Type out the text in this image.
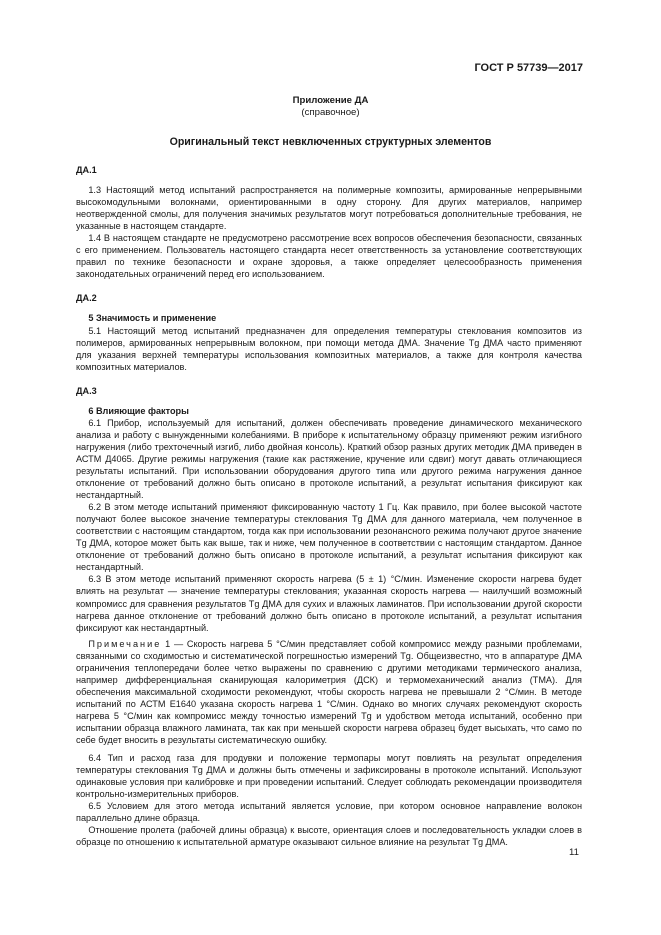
ГОСТ Р 57739—2017
Приложение ДА
(справочное)
Оригинальный текст невключенных структурных элементов

ДА.1

1.3 Настоящий метод испытаний распространяется на полимерные композиты, армированные непрерывными высокомодульными волокнами, ориентированными в одну сторону. Для других материалов, например неотвержденной смолы, для получения значимых результатов могут потребоваться дополнительные требования, не указанные в настоящем стандарте.

1.4 В настоящем стандарте не предусмотрено рассмотрение всех вопросов обеспечения безопасности, связанных с его применением. Пользователь настоящего стандарта несет ответственность за установление соответствующих правил по технике безопасности и охране здоровья, а также определяет целесообразность применения законодательных ограничений перед его использованием.

ДА.2

5 Значимость и применение

5.1 Настоящий метод испытаний предназначен для определения температуры стеклования композитов из полимеров, армированных непрерывным волокном, при помощи метода ДМА. Значение Tg ДМА часто применяют для указания верхней температуры использования композитных материалов, а также для контроля качества композитных материалов.

ДА.3

6 Влияющие факторы

6.1 Прибор, используемый для испытаний, должен обеспечивать проведение динамического механического анализа и работу с вынужденными колебаниями. В приборе к испытательному образцу применяют режим изгибного нагружения (либо трехточечный изгиб, либо двойная консоль). Краткий обзор разных других методик ДМА приведен в АСТМ Д4065. Другие режимы нагружения (такие как растяжение, кручение или сдвиг) могут давать отличающиеся результаты испытаний. При использовании оборудования другого типа или другого режима нагружения данное отклонение от требований должно быть описано в протоколе испытаний, а результат испытания фиксируют как нестандартный.

6.2 В этом методе испытаний применяют фиксированную частоту 1 Гц. Как правило, при более высокой частоте получают более высокое значение температуры стеклования Tg ДМА для данного материала, чем полученное в соответствии с настоящим стандартом, тогда как при использовании резонансного режима получают другое значение Tg ДМА, которое может быть как выше, так и ниже, чем полученное в соответствии с настоящим стандартом. Данное отклонение от требований должно быть описано в протоколе испытаний, а результат испытания фиксируют как нестандартный.

6.3 В этом методе испытаний применяют скорость нагрева (5 ± 1) °С/мин. Изменение скорости нагрева будет влиять на результат — значение температуры стеклования; указанная скорость нагрева — наилучший возможный компромисс для сравнения результатов Tg ДМА для сухих и влажных ламинатов. При использовании другой скорости нагрева данное отклонение от требований должно быть описано в протоколе испытаний, а результат испытания фиксируют как нестандартный.

Примечание 1 — Скорость нагрева 5 °С/мин представляет собой компромисс между разными проблемами, связанными со сходимостью и систематической погрешностью измерений Tg. Общеизвестно, что в аппаратуре ДМА ограничения теплопередачи более четко выражены по сравнению с другими методиками термического анализа, например дифференциальная сканирующая калориметрия (ДСК) и термомеханический анализ (ТМА). Для обеспечения максимальной сходимости рекомендуют, чтобы скорость нагрева не превышали 2 °С/мин. В методе испытаний по АСТМ Е1640 указана скорость нагрева 1 °С/мин. Однако во многих случаях рекомендуют скорость нагрева 5 °С/мин как компромисс между точностью измерений Tg и удобством метода испытаний, особенно при испытании образца влажного ламината, так как при меньшей скорости нагрева образец будет высыхать, что само по себе будет вносить в результаты систематическую ошибку.

6.4 Тип и расход газа для продувки и положение термопары могут повлиять на результат определения температуры стеклования Tg ДМА и должны быть отмечены и зафиксированы в протоколе испытаний. Используют одинаковые условия при калибровке и при проведении испытаний. Следует соблюдать рекомендации производителя контрольно-измерительных приборов.

6.5 Условием для этого метода испытаний является условие, при котором основное направление волокон параллельно длине образца.

Отношение пролета (рабочей длины образца) к высоте, ориентация слоев и последовательность укладки слоев в образце по отношению к испытательной арматуре оказывают сильное влияние на результат Tg ДМА.

11
